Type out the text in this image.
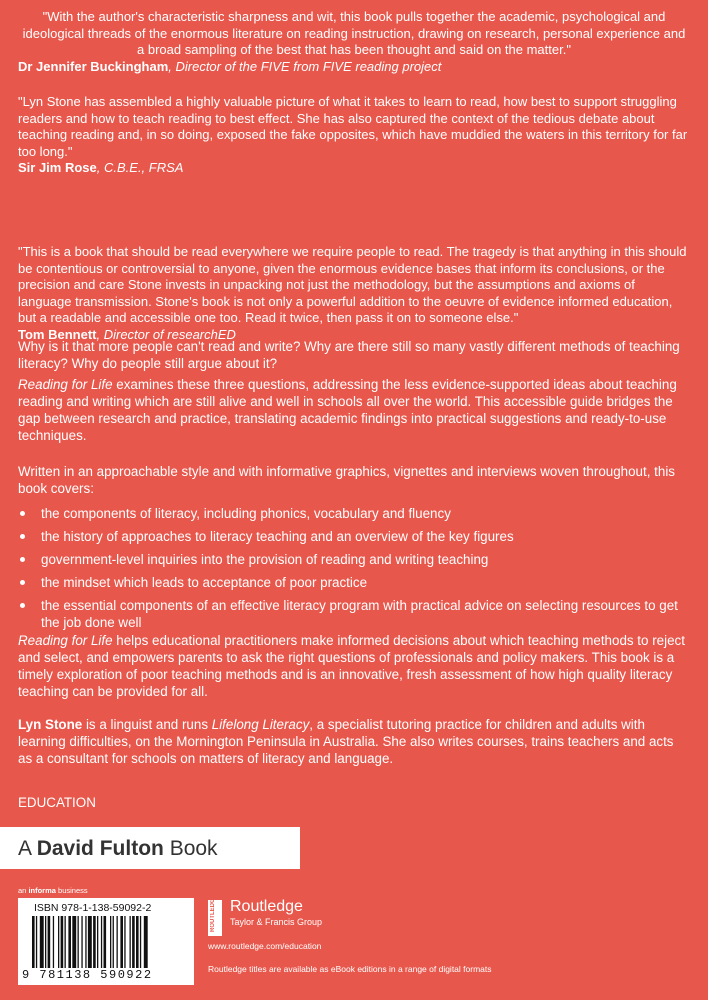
"With the author's characteristic sharpness and wit, this book pulls together the academic, psychological and ideological threads of the enormous literature on reading instruction, drawing on research, personal experience and a broad sampling of the best that has been thought and said on the matter."
Dr Jennifer Buckingham, Director of the FIVE from FIVE reading project

"Lyn Stone has assembled a highly valuable picture of what it takes to learn to read, how best to support struggling readers and how to teach reading to best effect. She has also captured the context of the tedious debate about teaching reading and, in so doing, exposed the fake opposites, which have muddied the waters in this territory for far too long."
Sir Jim Rose, C.B.E., FRSA

"This is a book that should be read everywhere we require people to read. The tragedy is that anything in this should be contentious or controversial to anyone, given the enormous evidence bases that inform its conclusions, or the precision and care Stone invests in unpacking not just the methodology, but the assumptions and axioms of language transmission. Stone's book is not only a powerful addition to the oeuvre of evidence informed education, but a readable and accessible one too. Read it twice, then pass it on to someone else."
Tom Bennett, Director of researchED

Why is it that more people can't read and write? Why are there still so many vastly different methods of teaching literacy? Why do people still argue about it?

Reading for Life examines these three questions, addressing the less evidence-supported ideas about teaching reading and writing which are still alive and well in schools all over the world. This accessible guide bridges the gap between research and practice, translating academic findings into practical suggestions and ready-to-use techniques.

Written in an approachable style and with informative graphics, vignettes and interviews woven throughout, this book covers:

the components of literacy, including phonics, vocabulary and fluency
the history of approaches to literacy teaching and an overview of the key figures
government-level inquiries into the provision of reading and writing teaching
the mindset which leads to acceptance of poor practice
the essential components of an effective literacy program with practical advice on selecting resources to get the job done well

Reading for Life helps educational practitioners make informed decisions about which teaching methods to reject and select, and empowers parents to ask the right questions of professionals and policy makers. This book is a timely exploration of poor teaching methods and is an innovative, fresh assessment of how high quality literacy teaching can be provided for all.

Lyn Stone is a linguist and runs Lifelong Literacy, a specialist tutoring practice for children and adults with learning difficulties, on the Mornington Peninsula in Australia. She also writes courses, trains teachers and acts as a consultant for schools on matters of literacy and language.

EDUCATION

A David Fulton Book
an informa business
ISBN 978-1-138-59092-2
9 781138 590922
ROUTLEDGE Routledge
Taylor & Francis Group
www.routledge.com/education
Routledge titles are available as eBook editions in a range of digital formats
